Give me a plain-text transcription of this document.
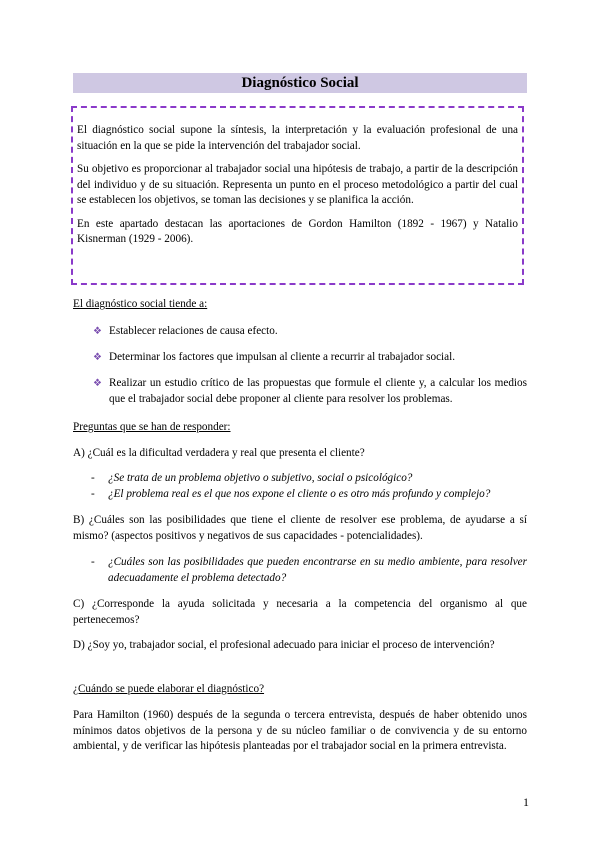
Diagnóstico Social

El diagnóstico social supone la síntesis, la interpretación y la evaluación profesional de una situación en la que se pide la intervención del trabajador social.

Su objetivo es proporcionar al trabajador social una hipótesis de trabajo, a partir de la descripción del individuo y de su situación. Representa un punto en el proceso metodológico a partir del cual se establecen los objetivos, se toman las decisiones y se planifica la acción.

En este apartado destacan las aportaciones de Gordon Hamilton (1892 - 1967) y Natalio Kisnerman (1929 - 2006).

El diagnóstico social tiende a:
❖ Establecer relaciones de causa efecto.
❖ Determinar los factores que impulsan al cliente a recurrir al trabajador social.
❖ Realizar un estudio crítico de las propuestas que formule el cliente y, a calcular los medios que el trabajador social debe proponer al cliente para resolver los problemas.
Preguntas que se han de responder:
A) ¿Cuál es la dificultad verdadera y real que presenta el cliente?
- ¿Se trata de un problema objetivo o subjetivo, social o psicológico?
- ¿El problema real es el que nos expone el cliente o es otro más profundo y complejo?
B) ¿Cuáles son las posibilidades que tiene el cliente de resolver ese problema, de ayudarse a sí mismo? (aspectos positivos y negativos de sus capacidades - potencialidades).
- ¿Cuáles son las posibilidades que pueden encontrarse en su medio ambiente, para resolver adecuadamente el problema detectado?
C) ¿Corresponde la ayuda solicitada y necesaria a la competencia del organismo al que pertenecemos?
D) ¿Soy yo, trabajador social, el profesional adecuado para iniciar el proceso de intervención?
¿Cuándo se puede elaborar el diagnóstico?
Para Hamilton (1960) después de la segunda o tercera entrevista, después de haber obtenido unos mínimos datos objetivos de la persona y de su núcleo familiar o de convivencia y de su entorno ambiental, y de verificar las hipótesis planteadas por el trabajador social en la primera entrevista.
1
